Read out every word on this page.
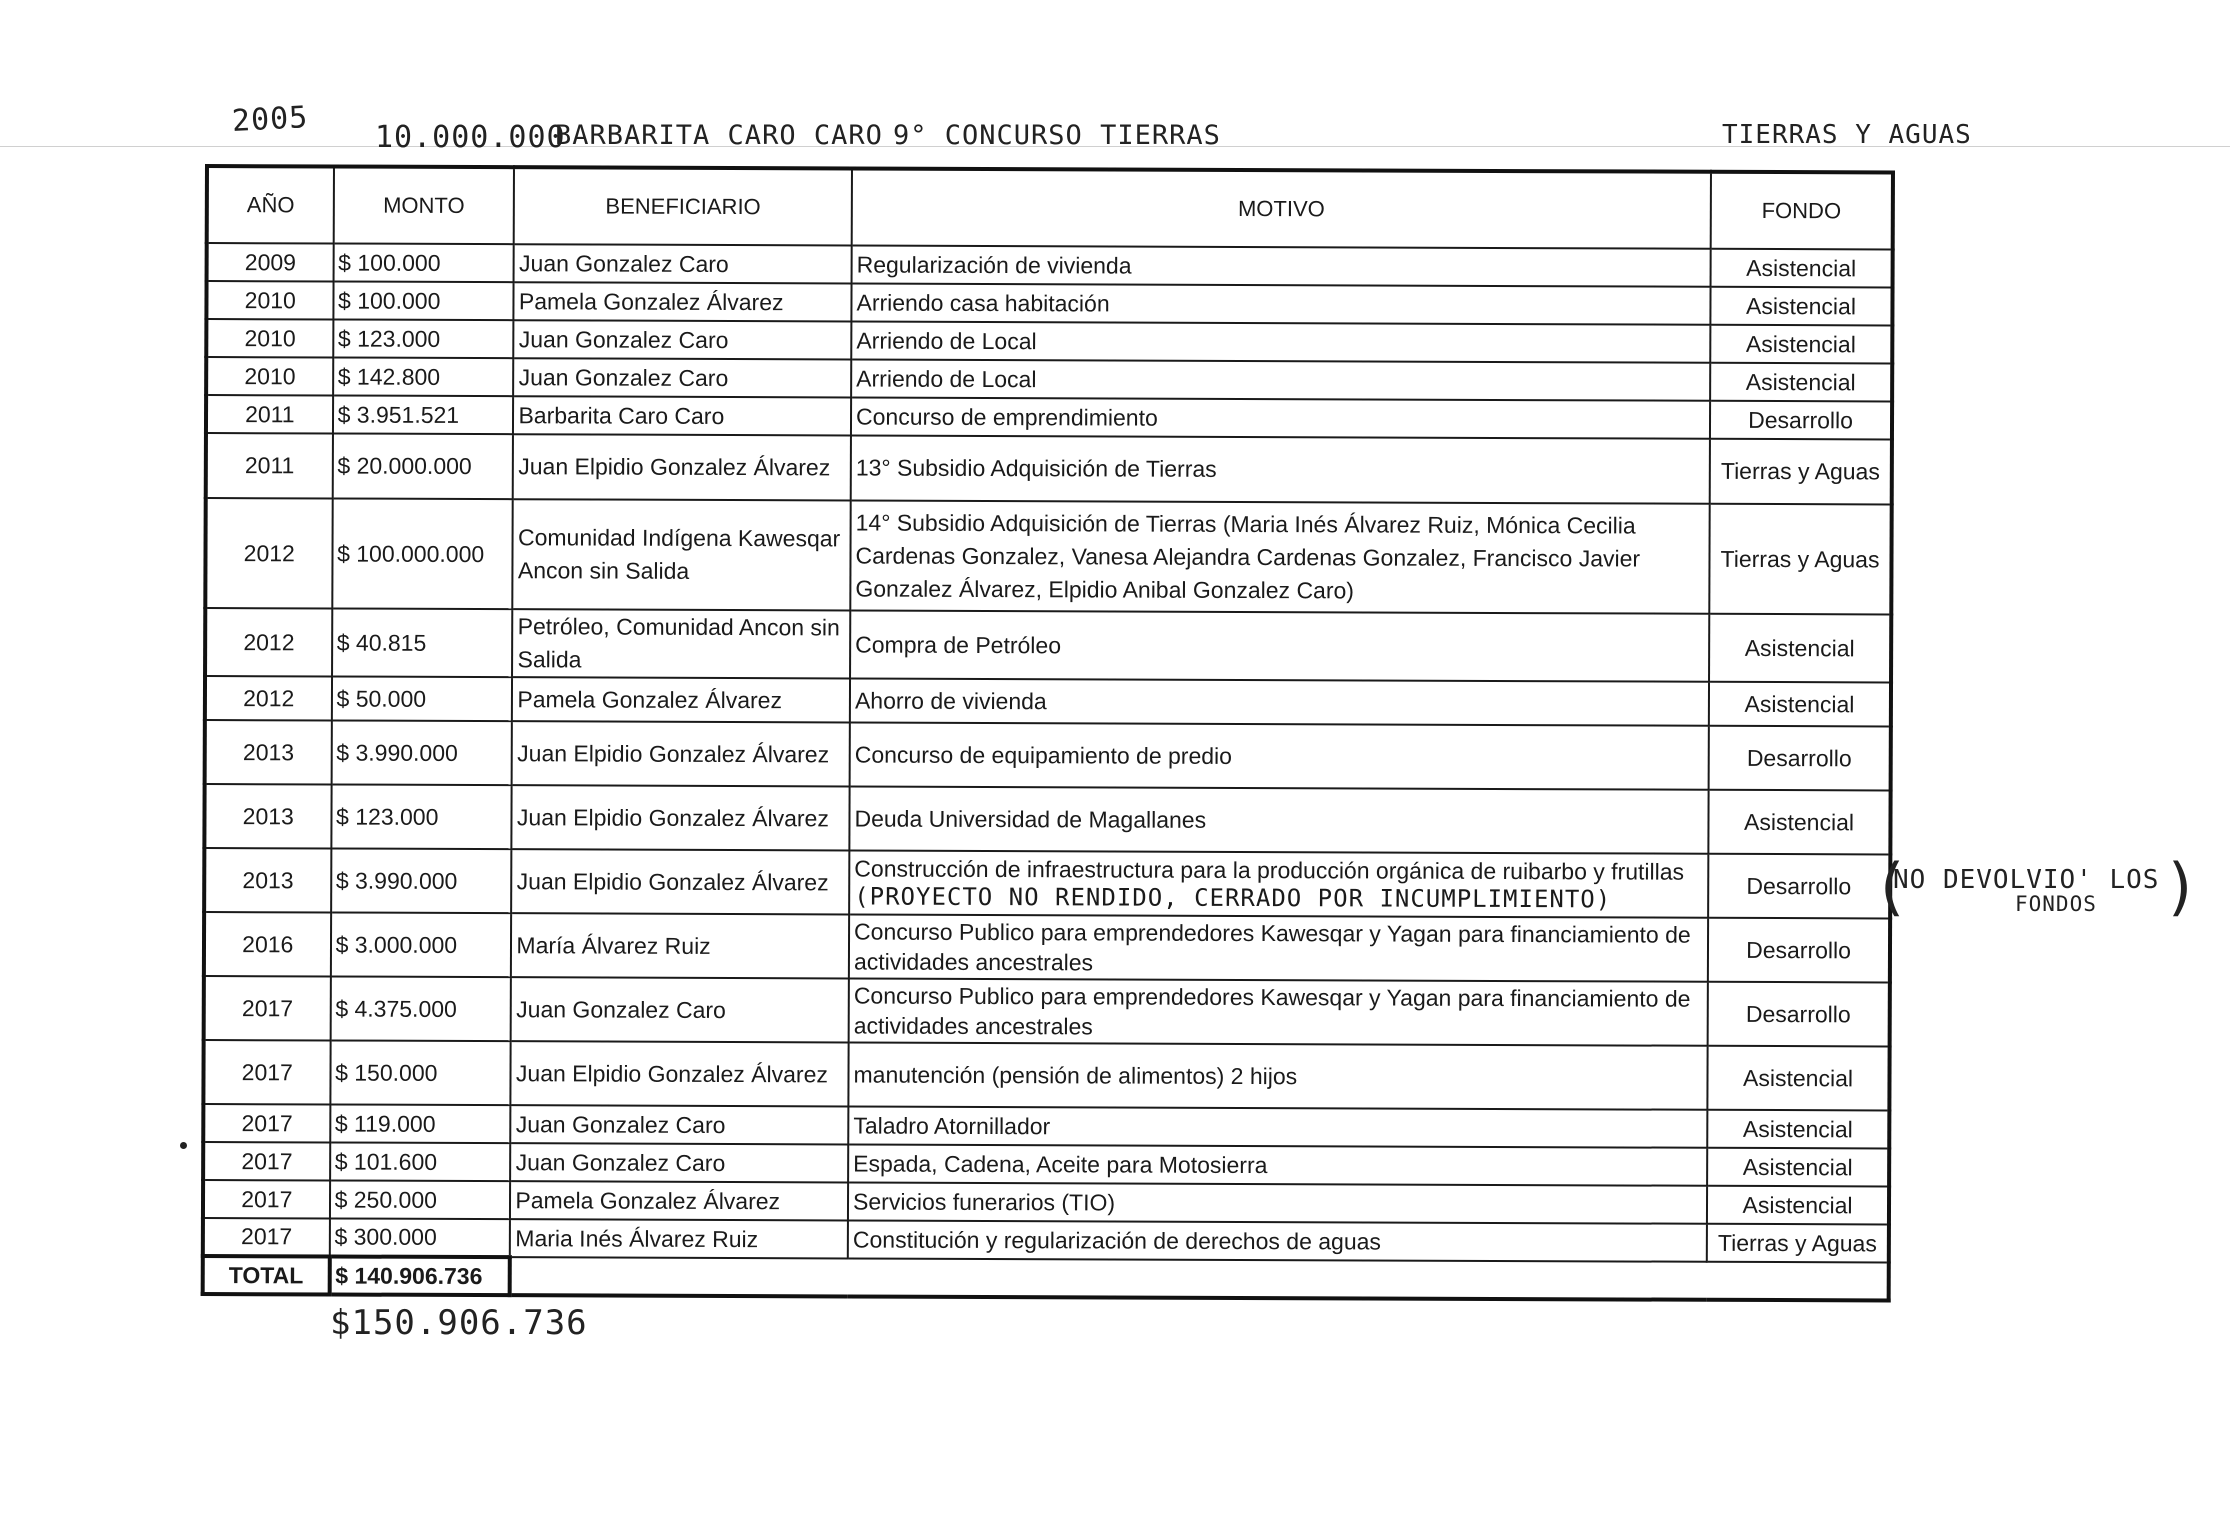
2005 10.000.000
BARBARITA CARO CARO 9° CONCURSO TIERRAS	TIERRAS Y AGUAS
AÑO	MONTO	BENEFICIARIO	MOTIVO	FONDO
2009	$ 100.000	Juan Gonzalez Caro	Regularización de vivienda	Asistencial
2010	$ 100.000	Pamela Gonzalez Álvarez	Arriendo casa habitación	Asistencial
2010	$ 123.000	Juan Gonzalez Caro	Arriendo de Local	Asistencial
2010	$ 142.800	Juan Gonzalez Caro	Arriendo de Local	Asistencial
2011	$ 3.951.521	Barbarita Caro Caro	Concurso de emprendimiento	Desarrollo
2011	$ 20.000.000	Juan Elpidio Gonzalez Álvarez	13° Subsidio Adquisición de Tierras	Tierras y Aguas
2012	$ 100.000.000	Comunidad Indígena Kawesqar Ancon sin Salida	14° Subsidio Adquisición de Tierras (Maria Inés Álvarez Ruiz, Mónica Cecilia Cardenas Gonzalez, Vanesa Alejandra Cardenas Gonzalez, Francisco Javier Gonzalez Álvarez, Elpidio Anibal Gonzalez Caro)	Tierras y Aguas
2012	$ 40.815	Petróleo, Comunidad Ancon sin Salida	Compra de Petróleo	Asistencial
2012	$ 50.000	Pamela Gonzalez Álvarez	Ahorro de vivienda	Asistencial
2013	$ 3.990.000	Juan Elpidio Gonzalez Álvarez	Concurso de equipamiento de predio	Desarrollo
2013	$ 123.000	Juan Elpidio Gonzalez Álvarez	Deuda Universidad de Magallanes	Asistencial
2013	$ 3.990.000	Juan Elpidio Gonzalez Álvarez	Construcción de infraestructura para la producción orgánica de ruibarbo y frutillas (PROYECTO NO RENDIDO, CERRADO POR INCUMPLIMIENTO)	Desarrollo
2016	$ 3.000.000	María Álvarez Ruiz	Concurso Publico para emprendedores Kawesqar y Yagan para financiamiento de actividades ancestrales	Desarrollo
2017	$ 4.375.000	Juan Gonzalez Caro	Concurso Publico para emprendedores Kawesqar y Yagan para financiamiento de actividades ancestrales	Desarrollo
2017	$ 150.000	Juan Elpidio Gonzalez Álvarez	manutención (pensión de alimentos) 2 hijos	Asistencial
2017	$ 119.000	Juan Gonzalez Caro	Taladro Atornillador	Asistencial
2017	$ 101.600	Juan Gonzalez Caro	Espada, Cadena, Aceite para Motosierra	Asistencial
2017	$ 250.000	Pamela Gonzalez Álvarez	Servicios funerarios (TIO)	Asistencial
2017	$ 300.000	Maria Inés Álvarez Ruiz	Constitución y regularización de derechos de aguas	Tierras y Aguas
TOTAL	$ 140.906.736			
(
NO DEVOLVIO' LOS
FONDOS )
$150.906.736
